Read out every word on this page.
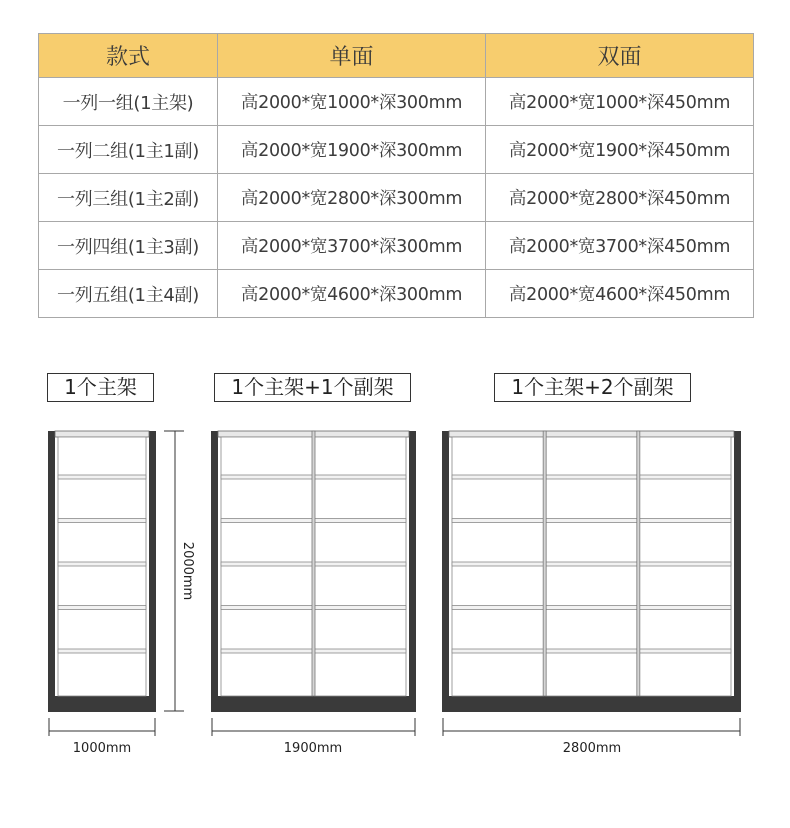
款式	单面	双面
一列一组(1主架)	高2000*宽1000*深300mm	高2000*宽1000*深450mm
一列二组(1主1副)	高2000*宽1900*深300mm	高2000*宽1900*深450mm
一列三组(1主2副)	高2000*宽2800*深300mm	高2000*宽2800*深450mm
一列四组(1主3副)	高2000*宽3700*深300mm	高2000*宽3700*深450mm
一列五组(1主4副)	高2000*宽4600*深300mm	高2000*宽4600*深450mm
1个主架	1个主架+1个副架	1个主架+2个副架
1000mm	1900mm	2800mm
2000mm
